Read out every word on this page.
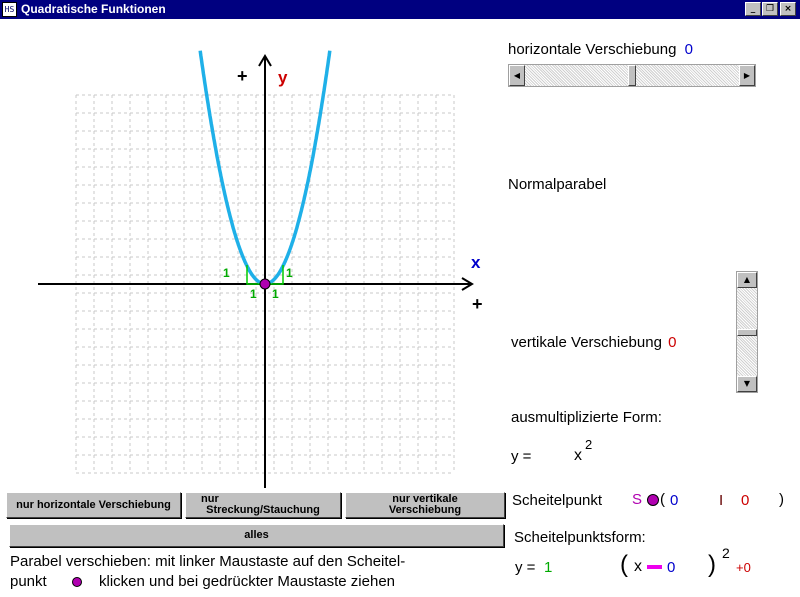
HS Quadratische Funktionen	_	❐	×
1	1
1 1
x
+
y
+
horizontale Verschiebung 0
◀	▶
Normalparabel
▲
▼
vertikale Verschiebung 0
ausmultiplizierte Form:
y =	x
2
Scheitelpunkt S ( 0	I 0 )
Scheitelpunktsform:
y = 1	( x 0 ) 2
+0
nur horizontale Verschiebung	nur
Streckung/Stauchung
nur vertikale
Verschiebung
alles
Parabel verschieben: mit linker Maustaste auf den Scheitel-
punkt	klicken und bei gedrückter Maustaste ziehen
